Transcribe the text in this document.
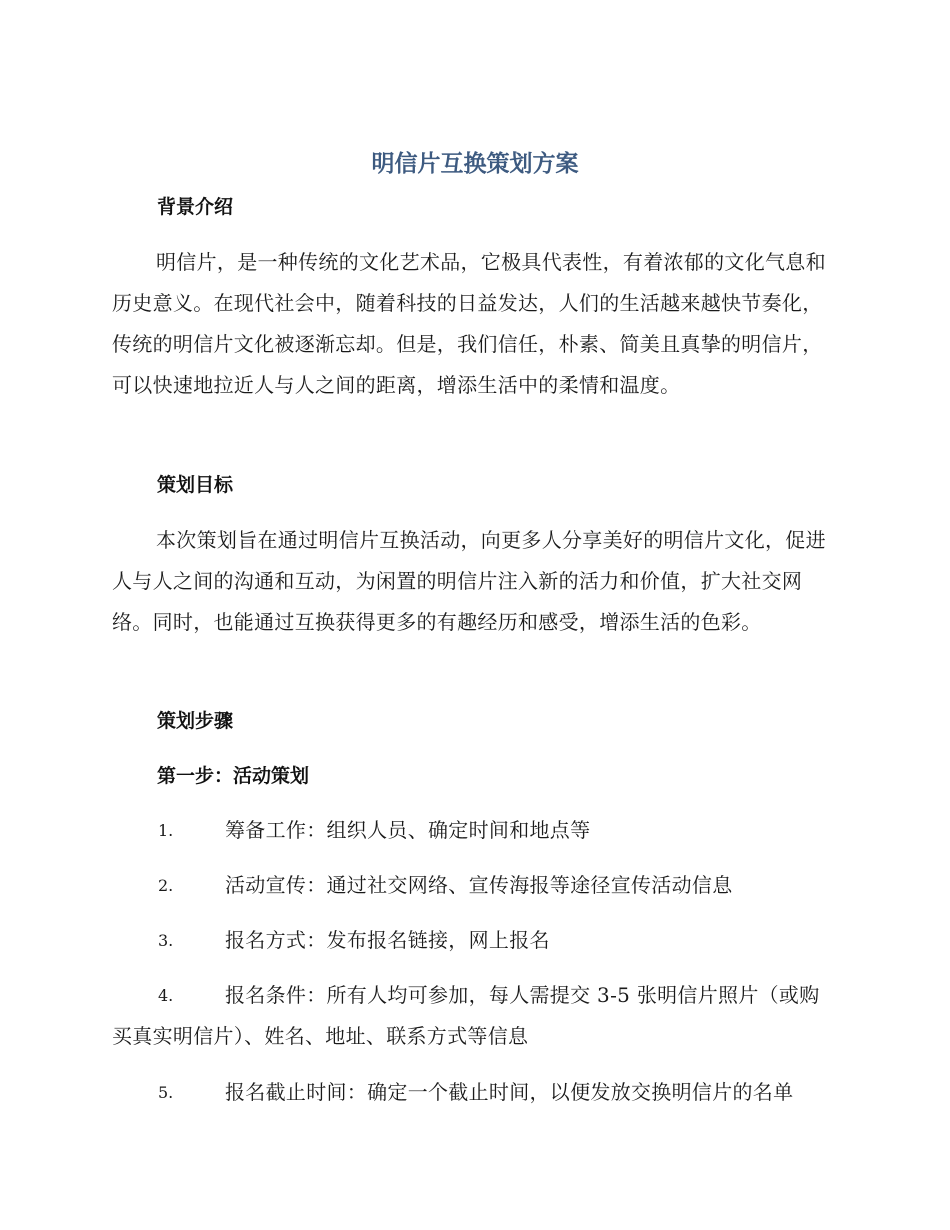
明信片互换策划方案
背景介绍
明信片，是一种传统的文化艺术品，它极具代表性，有着浓郁的文化气息和历史意义。在现代社会中，随着科技的日益发达，人们的生活越来越快节奏化，传统的明信片文化被逐渐忘却。但是，我们信任，朴素、简美且真挚的明信片，可以快速地拉近人与人之间的距离，增添生活中的柔情和温度。
策划目标
本次策划旨在通过明信片互换活动，向更多人分享美好的明信片文化，促进人与人之间的沟通和互动，为闲置的明信片注入新的活力和价值，扩大社交网络。同时，也能通过互换获得更多的有趣经历和感受，增添生活的色彩。
策划步骤
第一步：活动策划
1.	筹备工作：组织人员、确定时间和地点等
2.	活动宣传：通过社交网络、宣传海报等途径宣传活动信息
3.	报名方式：发布报名链接，网上报名
4.	报名条件：所有人均可参加，每人需提交 3-5 张明信片照片（或购买真实明信片）、姓名、地址、联系方式等信息
5.	报名截止时间：确定一个截止时间，以便发放交换明信片的名单
